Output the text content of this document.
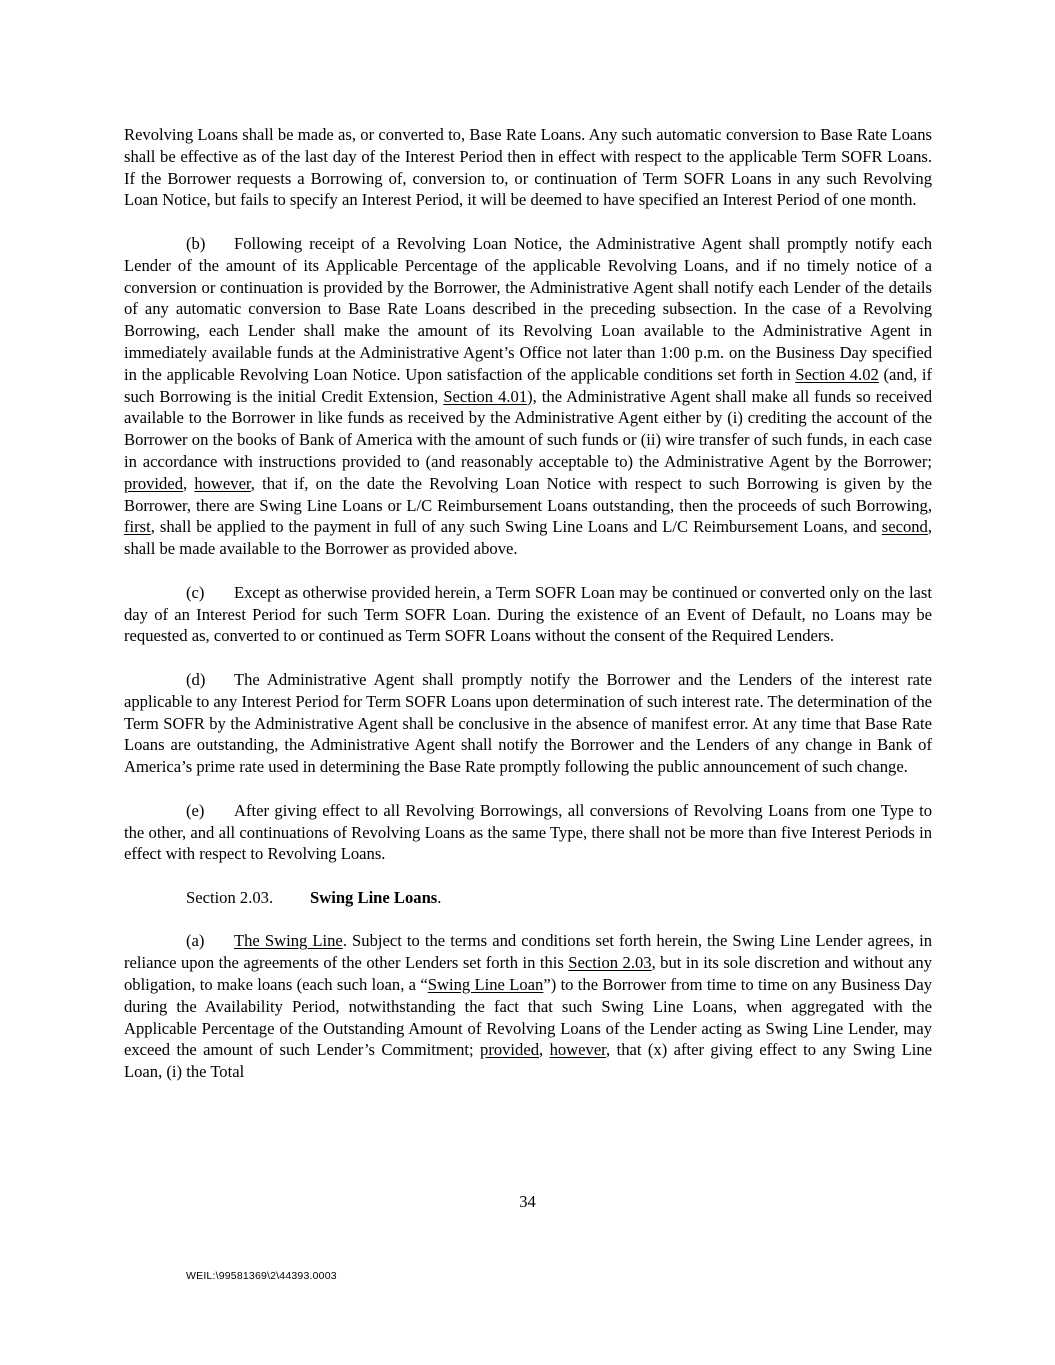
Revolving Loans shall be made as, or converted to, Base Rate Loans. Any such automatic conversion to Base Rate Loans shall be effective as of the last day of the Interest Period then in effect with respect to the applicable Term SOFR Loans. If the Borrower requests a Borrowing of, conversion to, or continuation of Term SOFR Loans in any such Revolving Loan Notice, but fails to specify an Interest Period, it will be deemed to have specified an Interest Period of one month.

(b) Following receipt of a Revolving Loan Notice, the Administrative Agent shall promptly notify each Lender of the amount of its Applicable Percentage of the applicable Revolving Loans, and if no timely notice of a conversion or continuation is provided by the Borrower, the Administrative Agent shall notify each Lender of the details of any automatic conversion to Base Rate Loans described in the preceding subsection. In the case of a Revolving Borrowing, each Lender shall make the amount of its Revolving Loan available to the Administrative Agent in immediately available funds at the Administrative Agent’s Office not later than 1:00 p.m. on the Business Day specified in the applicable Revolving Loan Notice. Upon satisfaction of the applicable conditions set forth in Section 4.02 (and, if such Borrowing is the initial Credit Extension, Section 4.01), the Administrative Agent shall make all funds so received available to the Borrower in like funds as received by the Administrative Agent either by (i) crediting the account of the Borrower on the books of Bank of America with the amount of such funds or (ii) wire transfer of such funds, in each case in accordance with instructions provided to (and reasonably acceptable to) the Administrative Agent by the Borrower; provided, however, that if, on the date the Revolving Loan Notice with respect to such Borrowing is given by the Borrower, there are Swing Line Loans or L/C Reimbursement Loans outstanding, then the proceeds of such Borrowing, first, shall be applied to the payment in full of any such Swing Line Loans and L/C Reimbursement Loans, and second, shall be made available to the Borrower as provided above.

(c) Except as otherwise provided herein, a Term SOFR Loan may be continued or converted only on the last day of an Interest Period for such Term SOFR Loan. During the existence of an Event of Default, no Loans may be requested as, converted to or continued as Term SOFR Loans without the consent of the Required Lenders.

(d) The Administrative Agent shall promptly notify the Borrower and the Lenders of the interest rate applicable to any Interest Period for Term SOFR Loans upon determination of such interest rate. The determination of the Term SOFR by the Administrative Agent shall be conclusive in the absence of manifest error. At any time that Base Rate Loans are outstanding, the Administrative Agent shall notify the Borrower and the Lenders of any change in Bank of America’s prime rate used in determining the Base Rate promptly following the public announcement of such change.

(e) After giving effect to all Revolving Borrowings, all conversions of Revolving Loans from one Type to the other, and all continuations of Revolving Loans as the same Type, there shall not be more than five Interest Periods in effect with respect to Revolving Loans.

Section 2.03. Swing Line Loans.

(a) The Swing Line. Subject to the terms and conditions set forth herein, the Swing Line Lender agrees, in reliance upon the agreements of the other Lenders set forth in this Section 2.03, but in its sole discretion and without any obligation, to make loans (each such loan, a “Swing Line Loan”) to the Borrower from time to time on any Business Day during the Availability Period, notwithstanding the fact that such Swing Line Loans, when aggregated with the Applicable Percentage of the Outstanding Amount of Revolving Loans of the Lender acting as Swing Line Lender, may exceed the amount of such Lender’s Commitment; provided, however, that (x) after giving effect to any Swing Line Loan, (i) the Total

34
WEIL:\99581369\2\44393.0003
